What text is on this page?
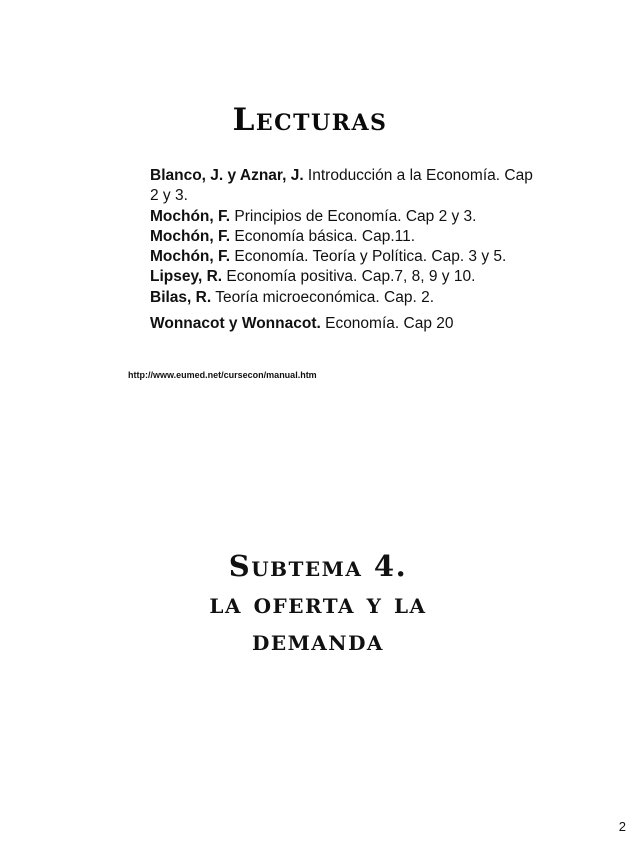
Lecturas

Blanco, J. y Aznar, J. Introducción a la Economía. Cap 2 y 3.

Mochón, F. Principios de Economía. Cap 2 y 3.

Mochón, F. Economía básica. Cap.11.

Mochón, F. Economía. Teoría y Política. Cap. 3 y 5.

Lipsey, R. Economía positiva. Cap.7, 8, 9 y 10.

Bilas, R. Teoría microeconómica. Cap. 2.

Wonnacot y Wonnacot. Economía. Cap 20

http://www.eumed.net/cursecon/manual.htm
Subtema 4.
la oferta y la
demanda
2
